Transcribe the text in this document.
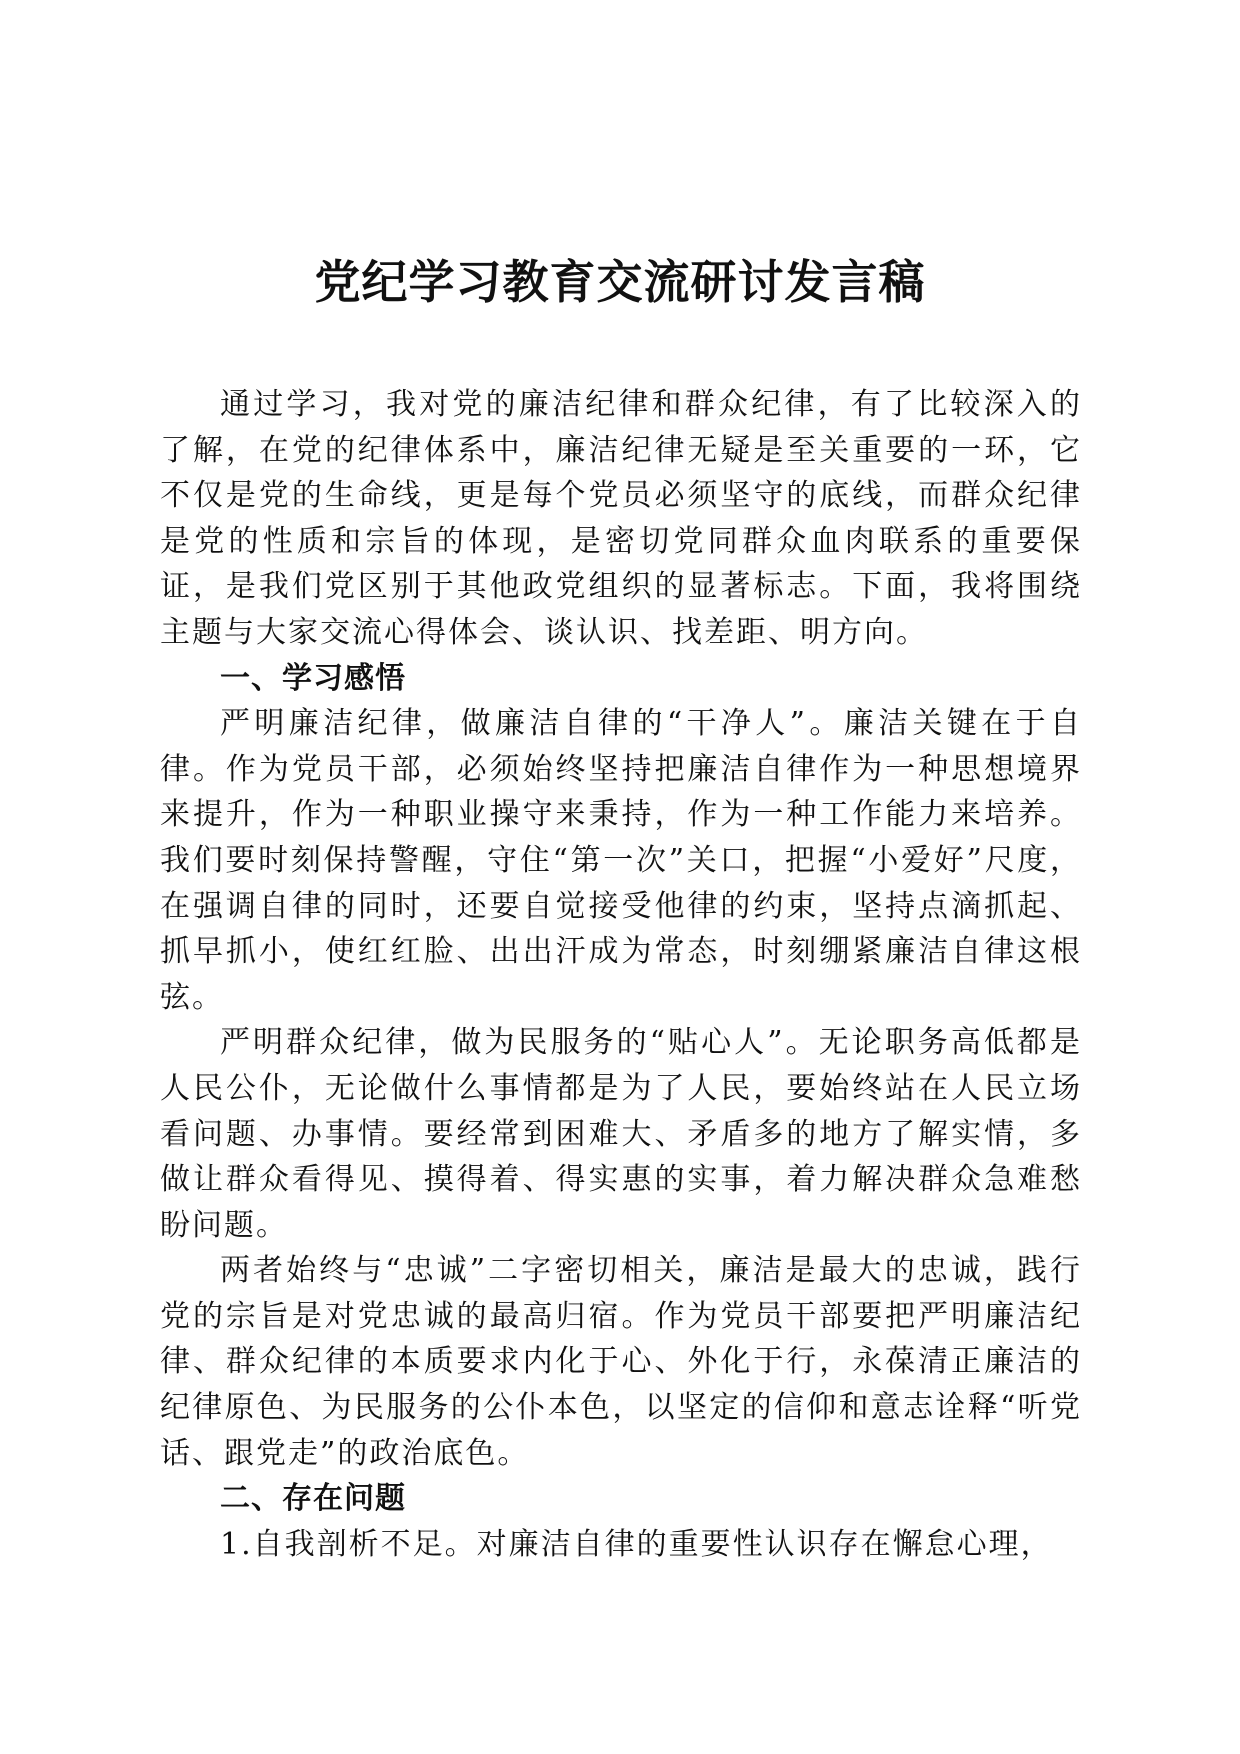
党纪学习教育交流研讨发言稿

通过学习，我对党的廉洁纪律和群众纪律，有了比较深入的了解，在党的纪律体系中，廉洁纪律无疑是至关重要的一环，它不仅是党的生命线，更是每个党员必须坚守的底线，而群众纪律是党的性质和宗旨的体现，是密切党同群众血肉联系的重要保证，是我们党区别于其他政党组织的显著标志。下面，我将围绕主题与大家交流心得体会、谈认识、找差距、明方向。

一、学习感悟

严明廉洁纪律，做廉洁自律的“干净人”。廉洁关键在于自律。作为党员干部，必须始终坚持把廉洁自律作为一种思想境界来提升，作为一种职业操守来秉持，作为一种工作能力来培养。我们要时刻保持警醒，守住“第一次”关口，把握“小爱好”尺度，在强调自律的同时，还要自觉接受他律的约束，坚持点滴抓起、抓早抓小，使红红脸、出出汗成为常态，时刻绷紧廉洁自律这根弦。

严明群众纪律，做为民服务的“贴心人”。无论职务高低都是人民公仆，无论做什么事情都是为了人民，要始终站在人民立场看问题、办事情。要经常到困难大、矛盾多的地方了解实情，多做让群众看得见、摸得着、得实惠的实事，着力解决群众急难愁盼问题。

两者始终与“忠诚”二字密切相关，廉洁是最大的忠诚，践行党的宗旨是对党忠诚的最高归宿。作为党员干部要把严明廉洁纪律、群众纪律的本质要求内化于心、外化于行，永葆清正廉洁的纪律原色、为民服务的公仆本色，以坚定的信仰和意志诠释“听党话、跟党走”的政治底色。

二、存在问题

1.自我剖析不足。对廉洁自律的重要性认识存在懈怠心理，
